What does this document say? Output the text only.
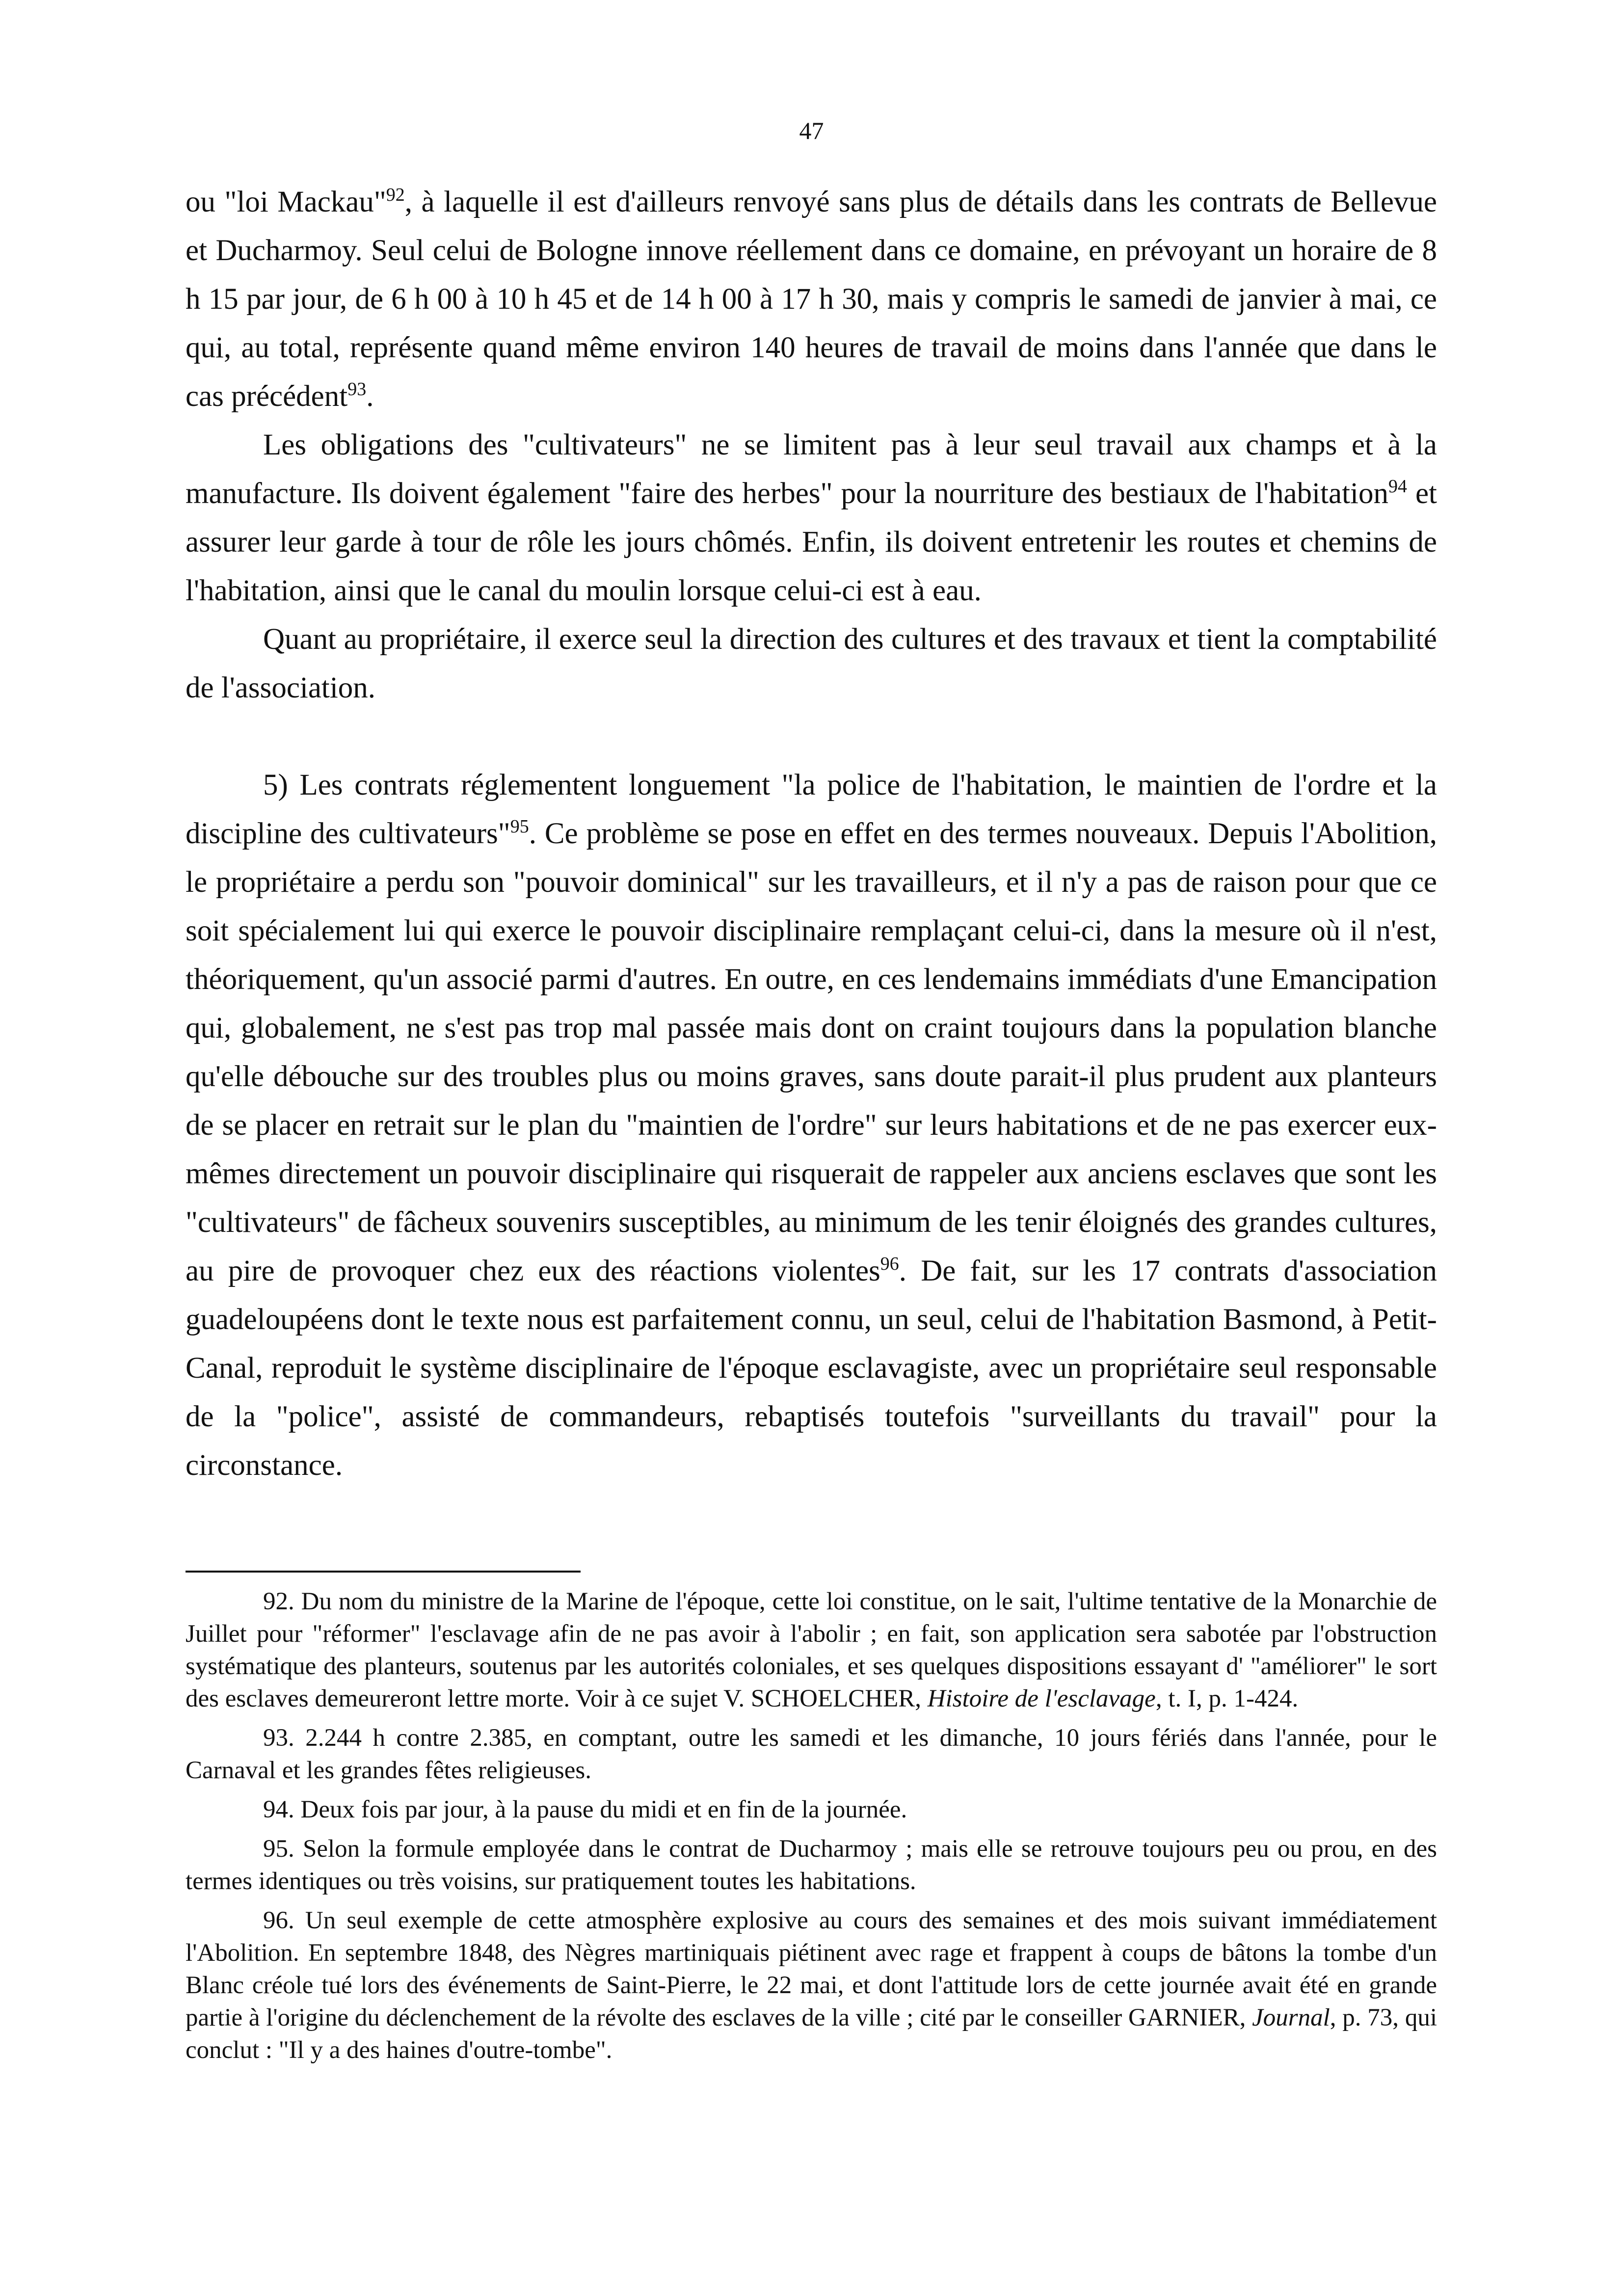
47

ou "loi Mackau"$^{92}$, à laquelle il est d'ailleurs renvoyé sans plus de détails dans les contrats de Bellevue et Ducharmoy. Seul celui de Bologne innove réellement dans ce domaine, en prévoyant un horaire de 8 h 15 par jour, de 6 h 00 à 10 h 45 et de 14 h 00 à 17 h 30, mais y compris le samedi de janvier à mai, ce qui, au total, représente quand même environ 140 heures de travail de moins dans l'année que dans le cas précédent$^{93}$.

Les obligations des "cultivateurs" ne se limitent pas à leur seul travail aux champs et à la manufacture. Ils doivent également "faire des herbes" pour la nourriture des bestiaux de l'habitation$^{94}$ et assurer leur garde à tour de rôle les jours chômés. Enfin, ils doivent entretenir les routes et chemins de l'habitation, ainsi que le canal du moulin lorsque celui-ci est à eau.

Quant au propriétaire, il exerce seul la direction des cultures et des travaux et tient la comptabilité de l'association.

5) Les contrats réglementent longuement "la police de l'habitation, le maintien de l'ordre et la discipline des cultivateurs"$^{95}$. Ce problème se pose en effet en des termes nouveaux. Depuis l'Abolition, le propriétaire a perdu son "pouvoir dominical" sur les travailleurs, et il n'y a pas de raison pour que ce soit spécialement lui qui exerce le pouvoir disciplinaire remplaçant celui-ci, dans la mesure où il n'est, théoriquement, qu'un associé parmi d'autres. En outre, en ces lendemains immédiats d'une Emancipation qui, globalement, ne s'est pas trop mal passée mais dont on craint toujours dans la population blanche qu'elle débouche sur des troubles plus ou moins graves, sans doute parait-il plus prudent aux planteurs de se placer en retrait sur le plan du "maintien de l'ordre" sur leurs habitations et de ne pas exercer eux-mêmes directement un pouvoir disciplinaire qui risquerait de rappeler aux anciens esclaves que sont les "cultivateurs" de fâcheux souvenirs susceptibles, au minimum de les tenir éloignés des grandes cultures, au pire de provoquer chez eux des réactions violentes$^{96}$. De fait, sur les 17 contrats d'association guadeloupéens dont le texte nous est parfaitement connu, un seul, celui de l'habitation Basmond, à Petit-Canal, reproduit le système disciplinaire de l'époque esclavagiste, avec un propriétaire seul responsable de la "police", assisté de commandeurs, rebaptisés toutefois "surveillants du travail" pour la circonstance.

92. Du nom du ministre de la Marine de l'époque, cette loi constitue, on le sait, l'ultime tentative de la Monarchie de Juillet pour "réformer" l'esclavage afin de ne pas avoir à l'abolir ; en fait, son application sera sabotée par l'obstruction systématique des planteurs, soutenus par les autorités coloniales, et ses quelques dispositions essayant d' "améliorer" le sort des esclaves demeureront lettre morte. Voir à ce sujet V. SCHOELCHER, Histoire de l'esclavage, t. I, p. 1-424.

93. 2.244 h contre 2.385, en comptant, outre les samedi et les dimanche, 10 jours fériés dans l'année, pour le Carnaval et les grandes fêtes religieuses.

94. Deux fois par jour, à la pause du midi et en fin de la journée.

95. Selon la formule employée dans le contrat de Ducharmoy ; mais elle se retrouve toujours peu ou prou, en des termes identiques ou très voisins, sur pratiquement toutes les habitations.

96. Un seul exemple de cette atmosphère explosive au cours des semaines et des mois suivant immédiatement l'Abolition. En septembre 1848, des Nègres martiniquais piétinent avec rage et frappent à coups de bâtons la tombe d'un Blanc créole tué lors des événements de Saint-Pierre, le 22 mai, et dont l'attitude lors de cette journée avait été en grande partie à l'origine du déclenchement de la révolte des esclaves de la ville ; cité par le conseiller GARNIER, Journal, p. 73, qui conclut : "Il y a des haines d'outre-tombe".
